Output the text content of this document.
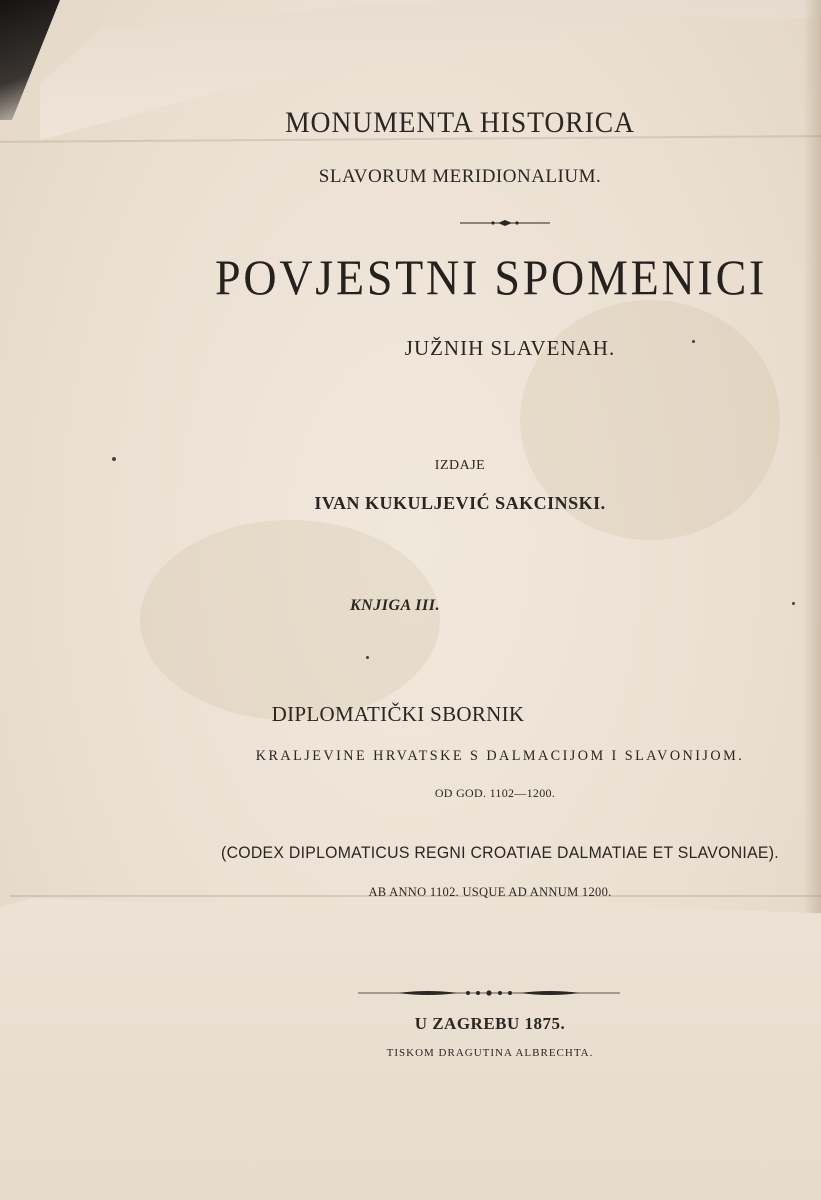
MONUMENTA HISTORICA
SLAVORUM MERIDIONALIUM.
POVJESTNI SPOMENICI
JUŽNIH SLAVENAH.
IZDAJE
IVAN KUKULJEVIĆ SAKCINSKI.
KNJIGA III.
DIPLOMATIČKI SBORNIK
KRALJEVINE HRVATSKE S DALMACIJOM I SLAVONIJOM.
OD GOD. 1102—1200.
(CODEX DIPLOMATICUS REGNI CROATIAE DALMATIAE ET SLAVONIAE).
AB ANNO 1102. USQUE AD ANNUM 1200.
U ZAGREBU 1875.
TISKOM DRAGUTINA ALBRECHTA.
